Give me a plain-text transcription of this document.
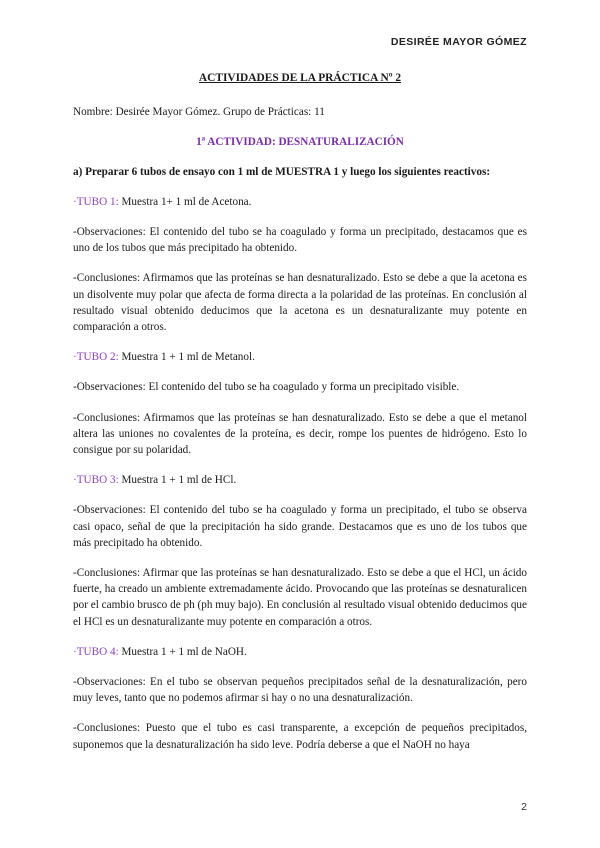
DESIRÉE MAYOR GÓMEZ
ACTIVIDADES DE LA PRÁCTICA Nº 2
Nombre: Desirée Mayor Gómez. Grupo de Prácticas: 11
1ª ACTIVIDAD: DESNATURALIZACIÓN
a) Preparar 6 tubos de ensayo con 1 ml de MUESTRA 1 y luego los siguientes reactivos:
·TUBO 1: Muestra 1+ 1 ml de Acetona.
-Observaciones: El contenido del tubo se ha coagulado y forma un precipitado, destacamos que es uno de los tubos que más precipitado ha obtenido.
-Conclusiones: Afirmamos que las proteínas se han desnaturalizado. Esto se debe a que la acetona es un disolvente muy polar que afecta de forma directa a la polaridad de las proteínas. En conclusión al resultado visual obtenido deducimos que la acetona es un desnaturalizante muy potente en comparación a otros.
·TUBO 2: Muestra 1 + 1 ml de Metanol.
-Observaciones: El contenido del tubo se ha coagulado y forma un precipitado visible.
-Conclusiones: Afirmamos que las proteínas se han desnaturalizado. Esto se debe a que el metanol altera las uniones no covalentes de la proteína, es decir, rompe los puentes de hidrógeno. Esto lo consigue por su polaridad.
·TUBO 3: Muestra 1 + 1 ml de HCl.
-Observaciones: El contenido del tubo se ha coagulado y forma un precipitado, el tubo se observa casi opaco, señal de que la precipitación ha sido grande. Destacamos que es uno de los tubos que más precipitado ha obtenido.
-Conclusiones: Afirmar que las proteínas se han desnaturalizado. Esto se debe a que el HCl, un ácido fuerte, ha creado un ambiente extremadamente ácido. Provocando que las proteínas se desnaturalicen por el cambio brusco de ph (ph muy bajo). En conclusión al resultado visual obtenido deducimos que el HCl es un desnaturalizante muy potente en comparación a otros.
·TUBO 4: Muestra 1 + 1 ml de NaOH.
-Observaciones: En el tubo se observan pequeños precipitados señal de la desnaturalización, pero muy leves, tanto que no podemos afirmar si hay o no una desnaturalización.
-Conclusiones: Puesto que el tubo es casi transparente, a excepción de pequeños precipitados, suponemos que la desnaturalización ha sido leve. Podría deberse a que el NaOH no haya
2
